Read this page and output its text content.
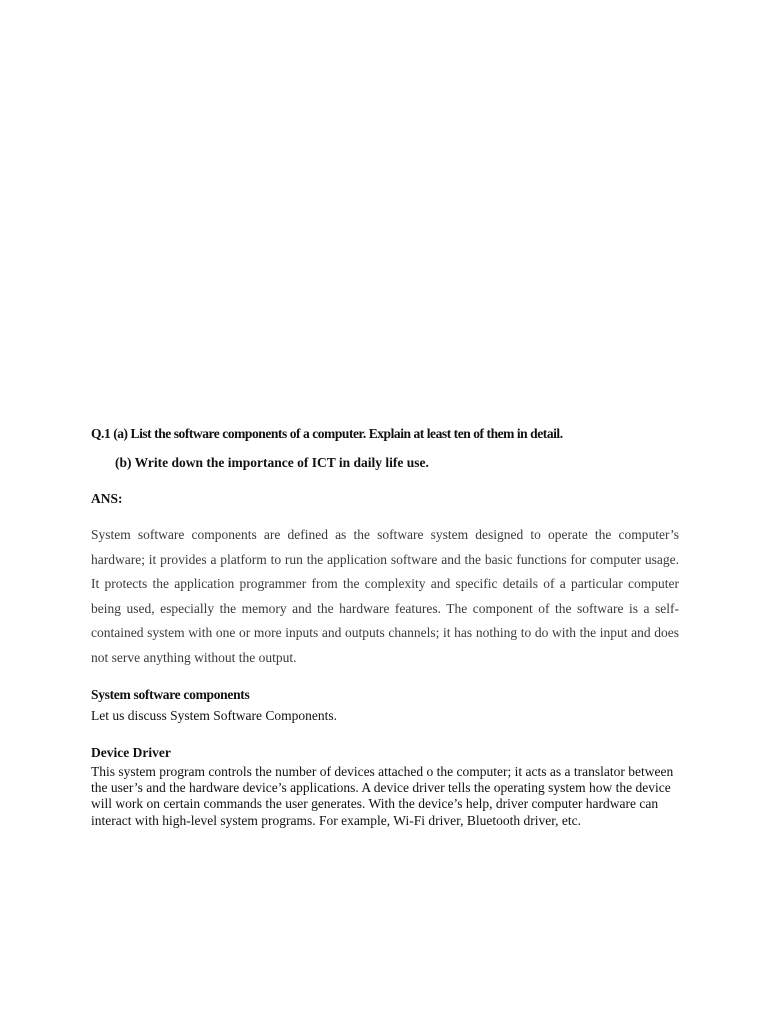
Q.1 (a) List the software components of a computer. Explain at least ten of them in detail.

(b) Write down the importance of ICT in daily life use.

ANS:

System software components are defined as the software system designed to operate the computer’s hardware; it provides a platform to run the application software and the basic functions for computer usage. It protects the application programmer from the complexity and specific details of a particular computer being used, especially the memory and the hardware features. The component of the software is a self-contained system with one or more inputs and outputs channels; it has nothing to do with the input and does not serve anything without the output.

System software components

Let us discuss System Software Components.

Device Driver

This system program controls the number of devices attached o the computer; it acts as a translator between the user’s and the hardware device’s applications. A device driver tells the operating system how the device will work on certain commands the user generates. With the device’s help, driver computer hardware can interact with high-level system programs. For example, Wi-Fi driver, Bluetooth driver, etc.
